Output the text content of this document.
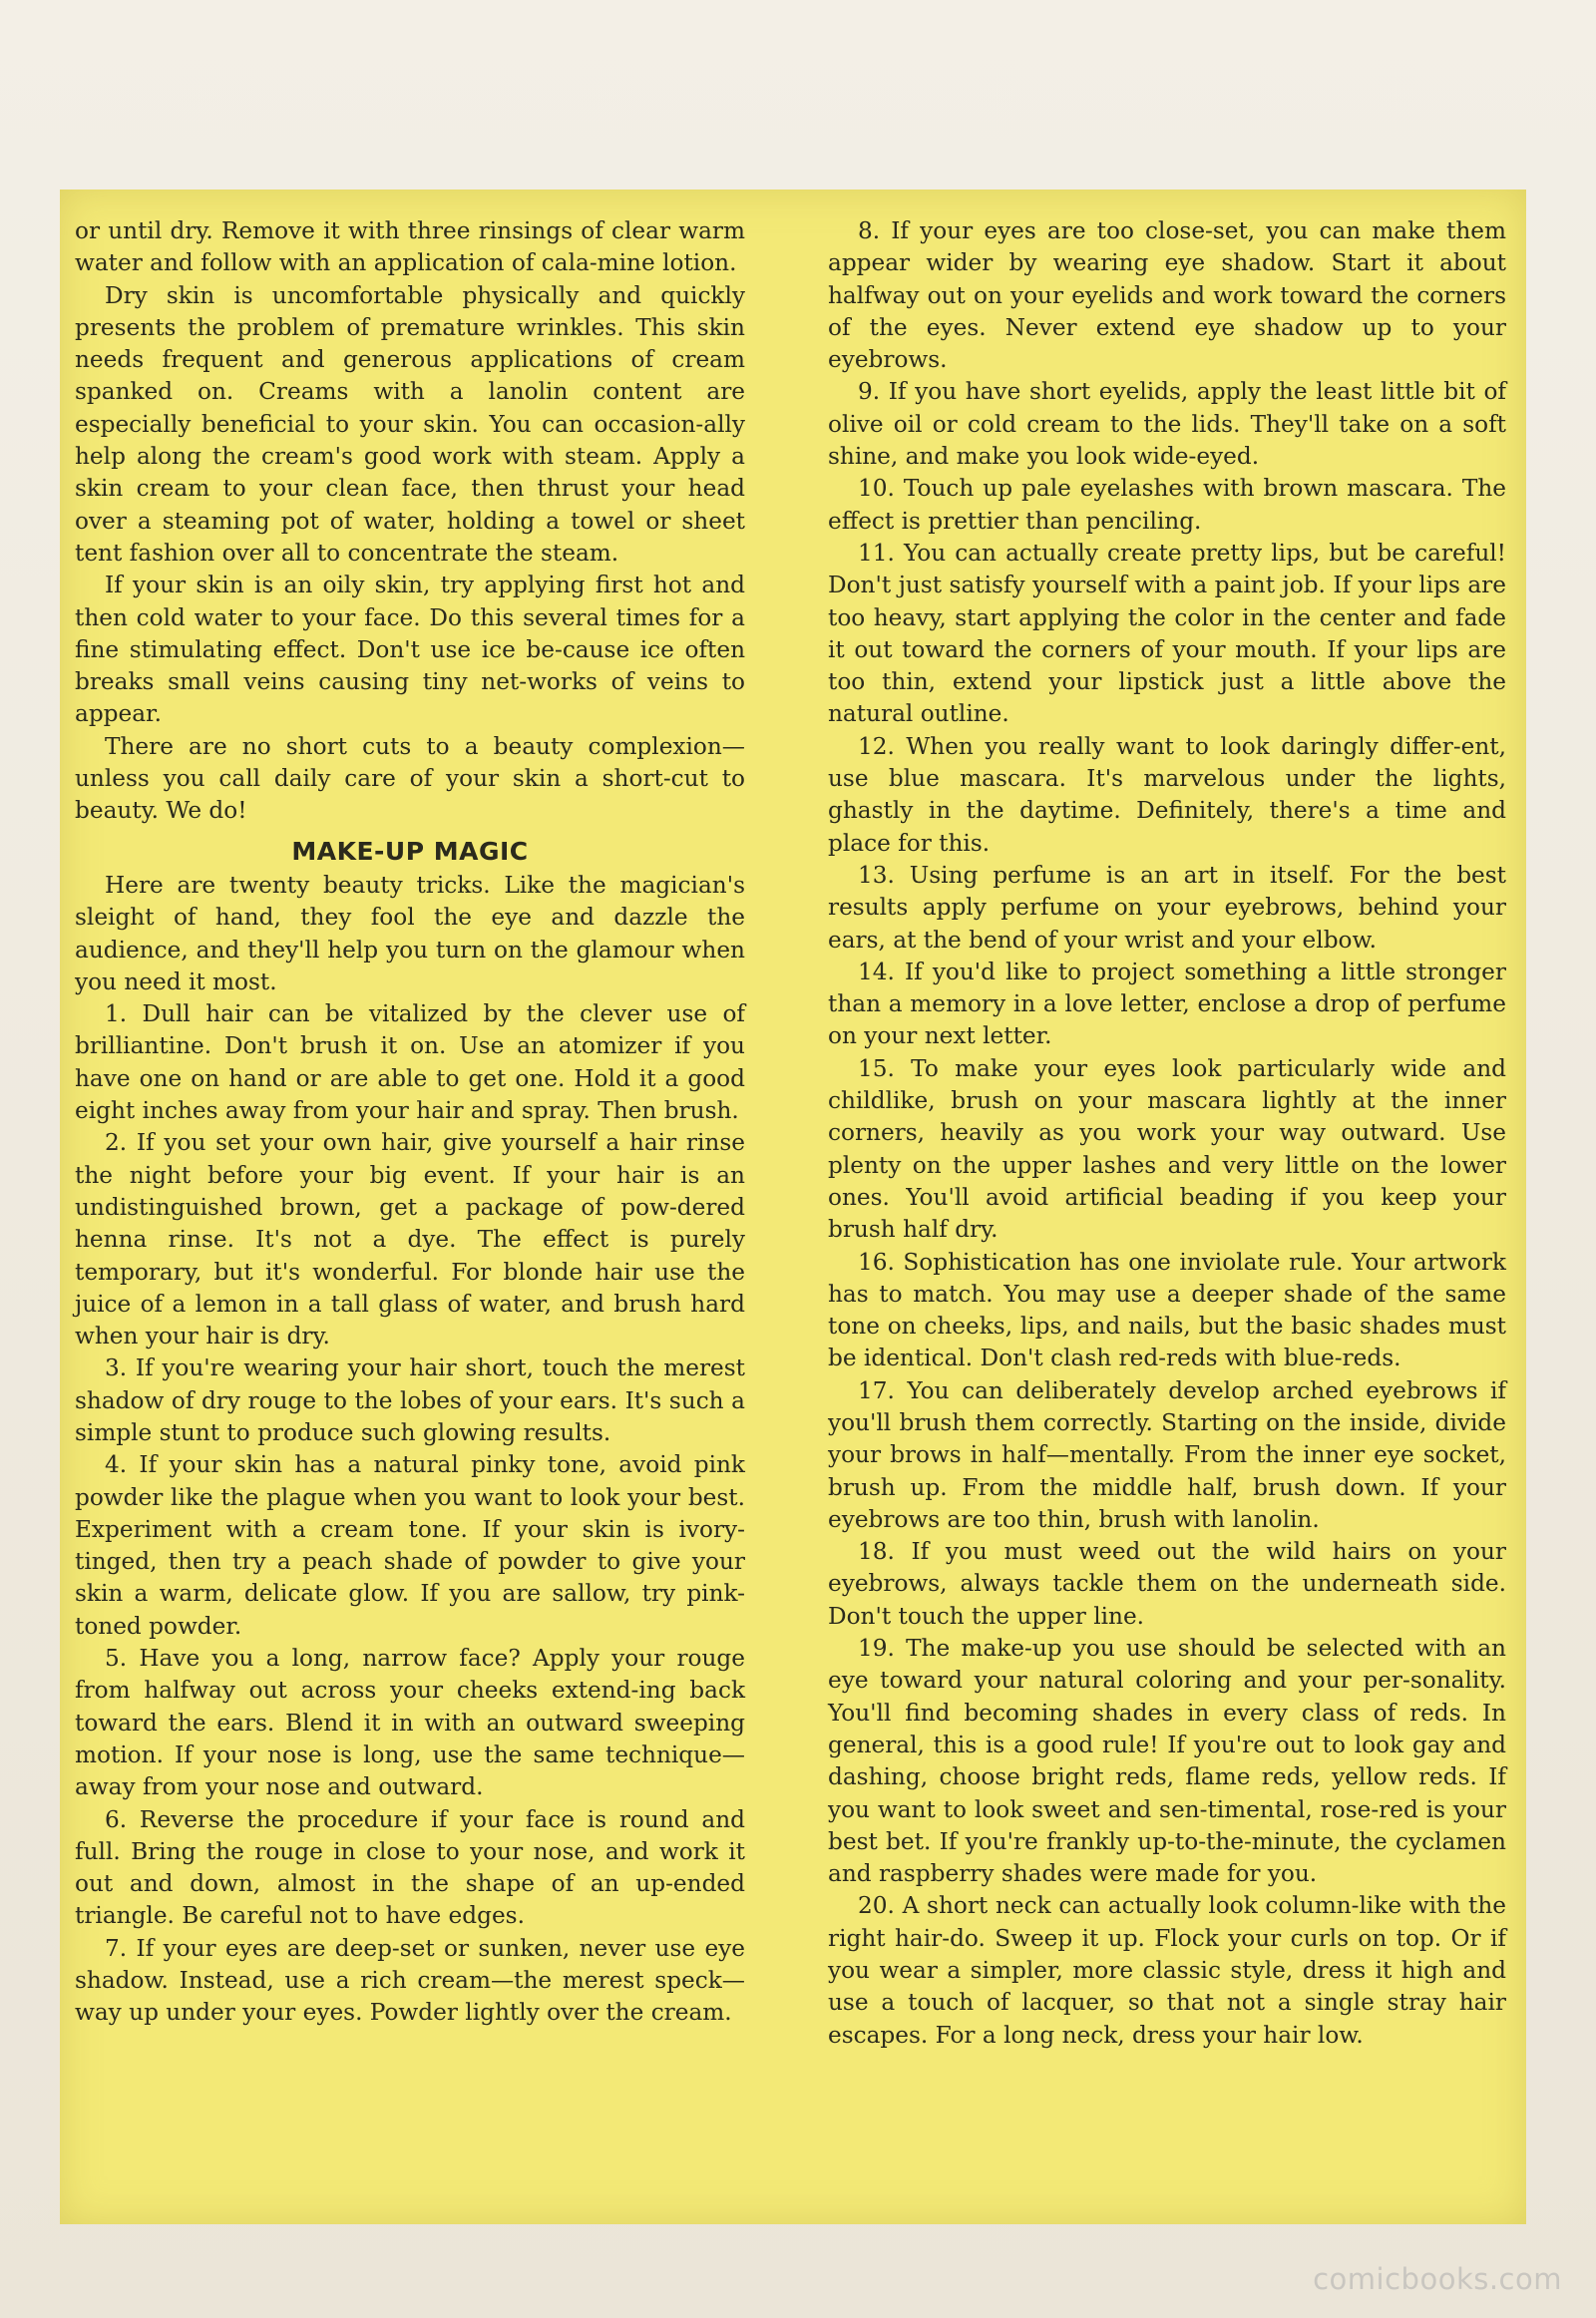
or until dry. Remove it with three rinsings of clear warm water and follow with an application of cala-mine lotion.

Dry skin is uncomfortable physically and quickly presents the problem of premature wrinkles. This skin needs frequent and generous applications of cream spanked on. Creams with a lanolin content are especially beneficial to your skin. You can occasion-ally help along the cream's good work with steam. Apply a skin cream to your clean face, then thrust your head over a steaming pot of water, holding a towel or sheet tent fashion over all to concentrate the steam.

If your skin is an oily skin, try applying first hot and then cold water to your face. Do this several times for a fine stimulating effect. Don't use ice be-cause ice often breaks small veins causing tiny net-works of veins to appear.

There are no short cuts to a beauty complexion— unless you call daily care of your skin a short-cut to beauty. We do!

MAKE-UP MAGIC

Here are twenty beauty tricks. Like the magician's sleight of hand, they fool the eye and dazzle the audience, and they'll help you turn on the glamour when you need it most.

1. Dull hair can be vitalized by the clever use of brilliantine. Don't brush it on. Use an atomizer if you have one on hand or are able to get one. Hold it a good eight inches away from your hair and spray. Then brush.

2. If you set your own hair, give yourself a hair rinse the night before your big event. If your hair is an undistinguished brown, get a package of pow-dered henna rinse. It's not a dye. The effect is purely temporary, but it's wonderful. For blonde hair use the juice of a lemon in a tall glass of water, and brush hard when your hair is dry.

3. If you're wearing your hair short, touch the merest shadow of dry rouge to the lobes of your ears. It's such a simple stunt to produce such glowing results.

4. If your skin has a natural pinky tone, avoid pink powder like the plague when you want to look your best. Experiment with a cream tone. If your skin is ivory-tinged, then try a peach shade of powder to give your skin a warm, delicate glow. If you are sallow, try pink-toned powder.

5. Have you a long, narrow face? Apply your rouge from halfway out across your cheeks extend-ing back toward the ears. Blend it in with an outward sweeping motion. If your nose is long, use the same technique—away from your nose and outward.

6. Reverse the procedure if your face is round and full. Bring the rouge in close to your nose, and work it out and down, almost in the shape of an up-ended triangle. Be careful not to have edges.

7. If your eyes are deep-set or sunken, never use eye shadow. Instead, use a rich cream—the merest speck—way up under your eyes. Powder lightly over the cream.

8. If your eyes are too close-set, you can make them appear wider by wearing eye shadow. Start it about halfway out on your eyelids and work toward the corners of the eyes. Never extend eye shadow up to your eyebrows.

9. If you have short eyelids, apply the least little bit of olive oil or cold cream to the lids. They'll take on a soft shine, and make you look wide-eyed.

10. Touch up pale eyelashes with brown mascara. The effect is prettier than penciling.

11. You can actually create pretty lips, but be careful! Don't just satisfy yourself with a paint job. If your lips are too heavy, start applying the color in the center and fade it out toward the corners of your mouth. If your lips are too thin, extend your lipstick just a little above the natural outline.

12. When you really want to look daringly differ-ent, use blue mascara. It's marvelous under the lights, ghastly in the daytime. Definitely, there's a time and place for this.

13. Using perfume is an art in itself. For the best results apply perfume on your eyebrows, behind your ears, at the bend of your wrist and your elbow.

14. If you'd like to project something a little stronger than a memory in a love letter, enclose a drop of perfume on your next letter.

15. To make your eyes look particularly wide and childlike, brush on your mascara lightly at the inner corners, heavily as you work your way outward. Use plenty on the upper lashes and very little on the lower ones. You'll avoid artificial beading if you keep your brush half dry.

16. Sophistication has one inviolate rule. Your artwork has to match. You may use a deeper shade of the same tone on cheeks, lips, and nails, but the basic shades must be identical. Don't clash red-reds with blue-reds.

17. You can deliberately develop arched eyebrows if you'll brush them correctly. Starting on the inside, divide your brows in half—mentally. From the inner eye socket, brush up. From the middle half, brush down. If your eyebrows are too thin, brush with lanolin.

18. If you must weed out the wild hairs on your eyebrows, always tackle them on the underneath side. Don't touch the upper line.

19. The make-up you use should be selected with an eye toward your natural coloring and your per-sonality. You'll find becoming shades in every class of reds. In general, this is a good rule! If you're out to look gay and dashing, choose bright reds, flame reds, yellow reds. If you want to look sweet and sen-timental, rose-red is your best bet. If you're frankly up-to-the-minute, the cyclamen and raspberry shades were made for you.

20. A short neck can actually look column-like with the right hair-do. Sweep it up. Flock your curls on top. Or if you wear a simpler, more classic style, dress it high and use a touch of lacquer, so that not a single stray hair escapes. For a long neck, dress your hair low.

comicbooks.com
